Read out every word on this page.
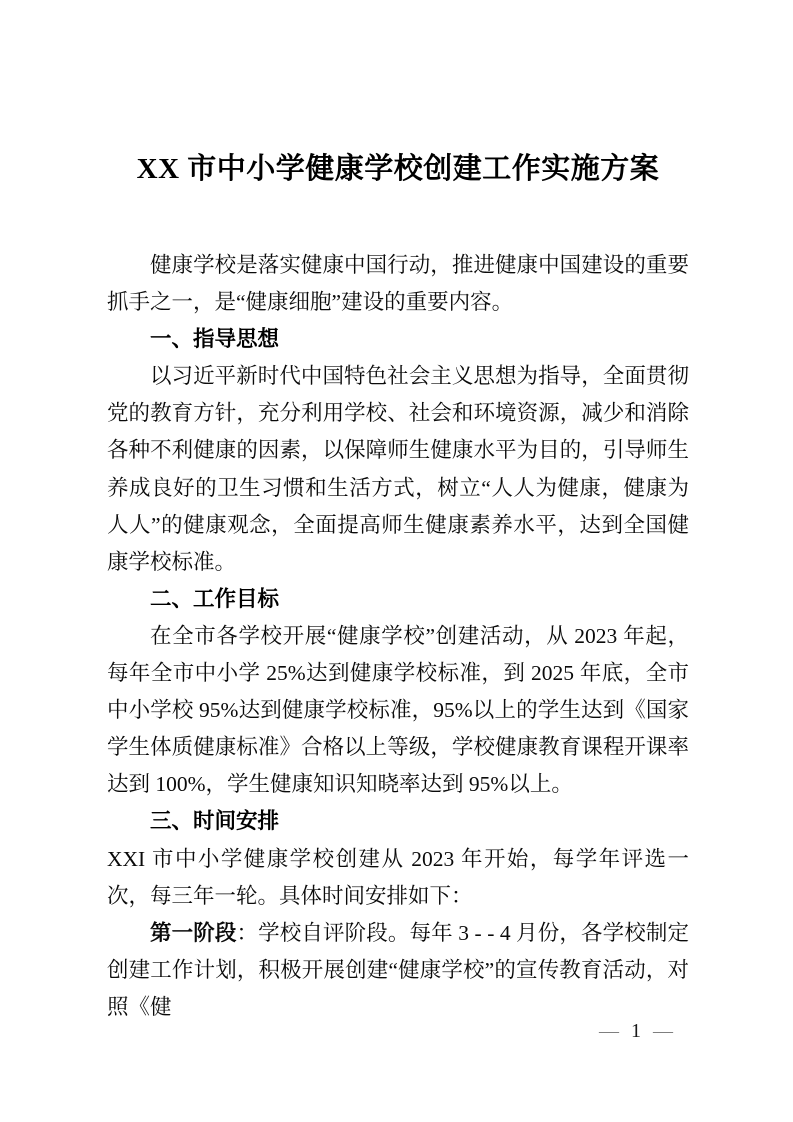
XX 市中小学健康学校创建工作实施方案

健康学校是落实健康中国行动，推进健康中国建设的重要抓手之一，是“健康细胞”建设的重要内容。

一、指导思想

以习近平新时代中国特色社会主义思想为指导，全面贯彻党的教育方针，充分利用学校、社会和环境资源，减少和消除各种不利健康的因素，以保障师生健康水平为目的，引导师生养成良好的卫生习惯和生活方式，树立“人人为健康，健康为人人”的健康观念，全面提高师生健康素养水平，达到全国健康学校标准。

二、工作目标

在全市各学校开展“健康学校”创建活动，从 2023 年起，每年全市中小学 25%达到健康学校标准，到 2025 年底，全市中小学校 95%达到健康学校标准，95%以上的学生达到《国家学生体质健康标准》合格以上等级，学校健康教育课程开课率达到 100%，学生健康知识知晓率达到 95%以上。

三、时间安排

XXI 市中小学健康学校创建从 2023 年开始，每学年评选一次，每三年一轮。具体时间安排如下：

第一阶段：学校自评阶段。每年 3 - - 4 月份，各学校制定创建工作计划，积极开展创建“健康学校”的宣传教育活动，对照《健

— 1 —
